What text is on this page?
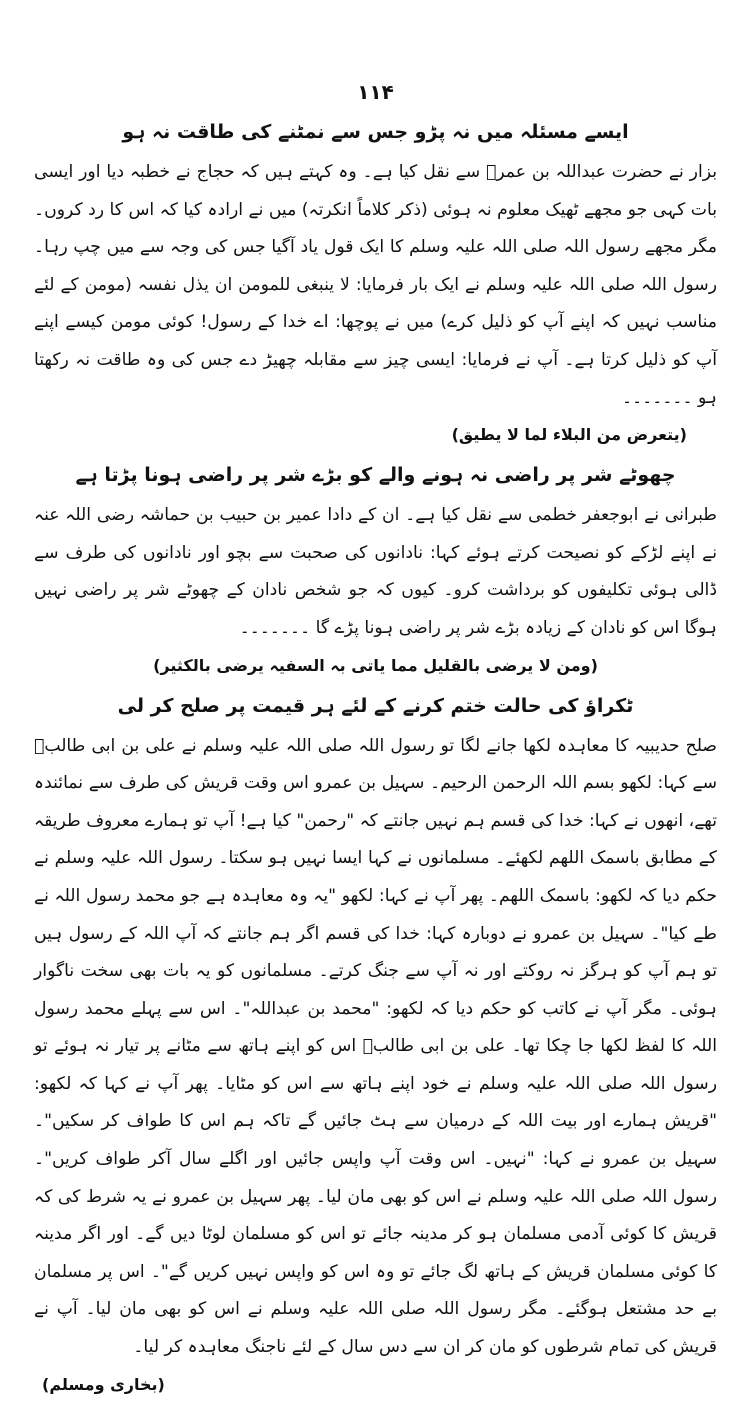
۱۱۴
ایسے مسئلہ میں نہ پڑو جس سے نمٹنے کی طاقت نہ ہو

بزار نے حضرت عبداللہ بن عمرؓ سے نقل کیا ہے۔ وہ کہتے ہیں کہ حجاج نے خطبہ دیا اور ایسی بات کہی جو مجھے ٹھیک معلوم نہ ہوئی (ذکر کلاماً انکرتہ) میں نے ارادہ کیا کہ اس کا رد کروں۔ مگر مجھے رسول اللہ صلی اللہ علیہ وسلم کا ایک قول یاد آگیا جس کی وجہ سے میں چپ رہا۔ رسول اللہ صلی اللہ علیہ وسلم نے ایک بار فرمایا: لا ینبغی للمومن ان یذل نفسہ (مومن کے لئے مناسب نہیں کہ اپنے آپ کو ذلیل کرے) میں نے پوچھا: اے خدا کے رسول! کوئی مومن کیسے اپنے آپ کو ذلیل کرتا ہے۔ آپ نے فرمایا: ایسی چیز سے مقابلہ چھیڑ دے جس کی وہ طاقت نہ رکھتا ہو ۔۔۔۔۔۔۔

(یتعرض من البلاء لما لا یطیق)

چھوٹے شر پر راضی نہ ہونے والے کو بڑے شر پر راضی ہونا پڑتا ہے

طبرانی نے ابوجعفر خطمی سے نقل کیا ہے۔ ان کے دادا عمیر بن حبیب بن حماشہ رضی اللہ عنہ نے اپنے لڑکے کو نصیحت کرتے ہوئے کہا: نادانوں کی صحبت سے بچو اور نادانوں کی طرف سے ڈالی ہوئی تکلیفوں کو برداشت کرو۔ کیوں کہ جو شخص نادان کے چھوٹے شر پر راضی نہیں ہوگا اس کو نادان کے زیادہ بڑے شر پر راضی ہونا پڑے گا ۔۔۔۔۔۔۔

(ومن لا یرضی بالقلیل مما یاتی بہ السفیہ یرضی بالکثیر)

ٹکراؤ کی حالت ختم کرنے کے لئے ہر قیمت پر صلح کر لی

صلح حدیبیہ کا معاہدہ لکھا جانے لگا تو رسول اللہ صلی اللہ علیہ وسلم نے علی بن ابی طالبؓ سے کہا: لکھو بسم اللہ الرحمن الرحیم۔ سہیل بن عمرو اس وقت قریش کی طرف سے نمائندہ تھے، انھوں نے کہا: خدا کی قسم ہم نہیں جانتے کہ "رحمن" کیا ہے! آپ تو ہمارے معروف طریقہ کے مطابق باسمک اللھم لکھئے۔ مسلمانوں نے کہا ایسا نہیں ہو سکتا۔ رسول اللہ علیہ وسلم نے حکم دیا کہ لکھو: باسمک اللھم۔ پھر آپ نے کہا: لکھو "یہ وہ معاہدہ ہے جو محمد رسول اللہ نے طے کیا"۔ سہیل بن عمرو نے دوبارہ کہا: خدا کی قسم اگر ہم جانتے کہ آپ اللہ کے رسول ہیں تو ہم آپ کو ہرگز نہ روکتے اور نہ آپ سے جنگ کرتے۔ مسلمانوں کو یہ بات بھی سخت ناگوار ہوئی۔ مگر آپ نے کاتب کو حکم دیا کہ لکھو: "محمد بن عبداللہ"۔ اس سے پہلے محمد رسول اللہ کا لفظ لکھا جا چکا تھا۔ علی بن ابی طالبؓ اس کو اپنے ہاتھ سے مٹانے پر تیار نہ ہوئے تو رسول اللہ صلی اللہ علیہ وسلم نے خود اپنے ہاتھ سے اس کو مٹایا۔ پھر آپ نے کہا کہ لکھو: "قریش ہمارے اور بیت اللہ کے درمیان سے ہٹ جائیں گے تاکہ ہم اس کا طواف کر سکیں"۔ سہیل بن عمرو نے کہا: "نہیں۔ اس وقت آپ واپس جائیں اور اگلے سال آکر طواف کریں"۔ رسول اللہ صلی اللہ علیہ وسلم نے اس کو بھی مان لیا۔ پھر سہیل بن عمرو نے یہ شرط کی کہ قریش کا کوئی آدمی مسلمان ہو کر مدینہ جائے تو اس کو مسلمان لوٹا دیں گے۔ اور اگر مدینہ کا کوئی مسلمان قریش کے ہاتھ لگ جائے تو وہ اس کو واپس نہیں کریں گے"۔ اس پر مسلمان بے حد مشتعل ہوگئے۔ مگر رسول اللہ صلی اللہ علیہ وسلم نے اس کو بھی مان لیا۔ آپ نے قریش کی تمام شرطوں کو مان کر ان سے دس سال کے لئے ناجنگ معاہدہ کر لیا۔

(بخاری ومسلم)
